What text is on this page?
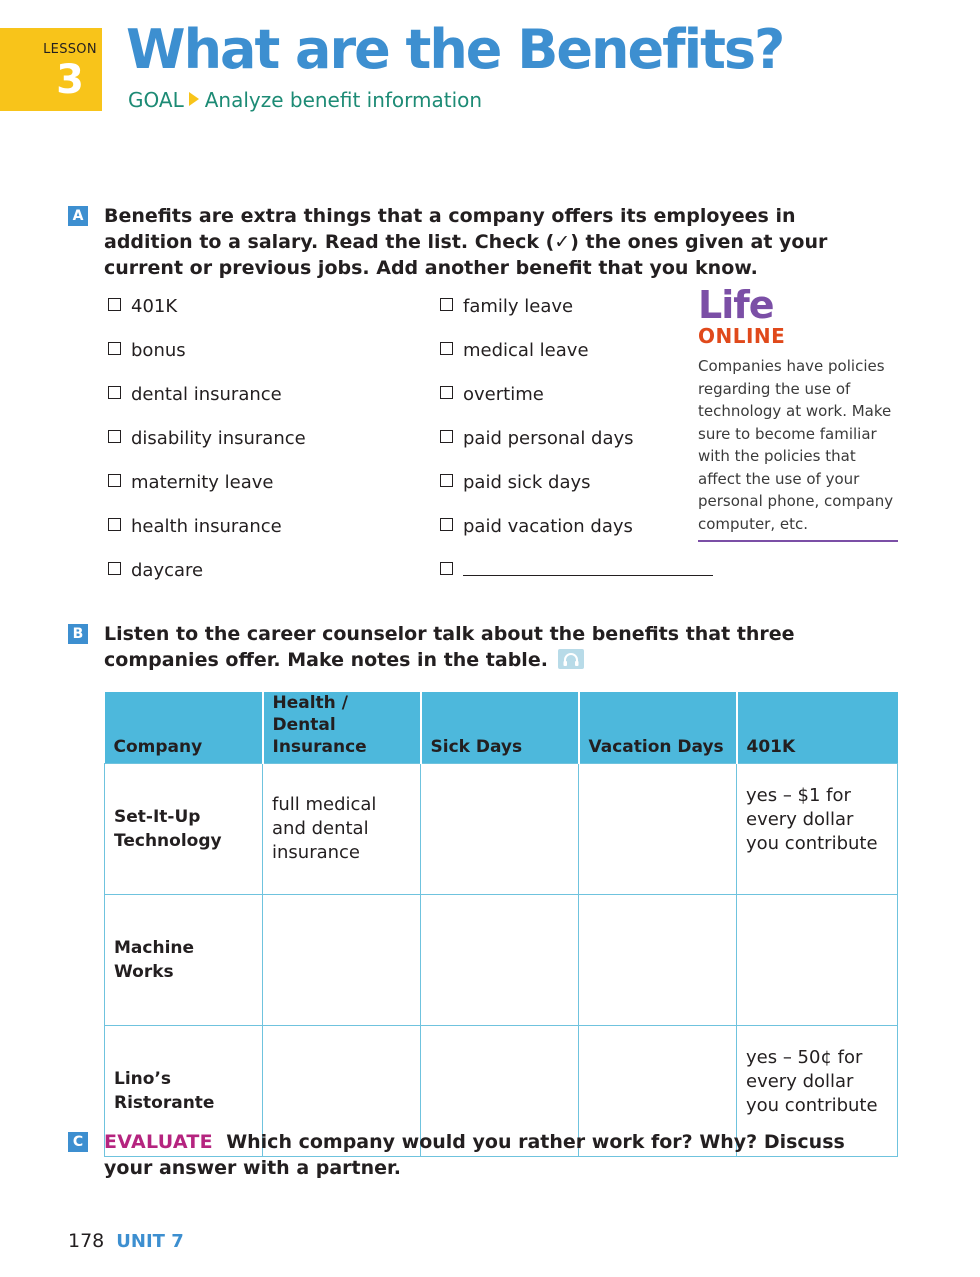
LESSON
3 What are the Benefits?
GOAL Analyze benefit information
A Benefits are extra things that a company offers its employees in addition to a salary. Read the list. Check (✓) the ones given at your current or previous jobs. Add another benefit that you know.
401K
bonus
dental insurance
disability insurance
maternity leave
health insurance
daycare
family leave
medical leave
overtime
paid personal days
paid sick days
paid vacation days
Life
ONLINE
Companies have policies regarding the use of technology at work. Make sure to become familiar with the policies that affect the use of your personal phone, company computer, etc.
B Listen to the career counselor talk about the benefits that three companies offer. Make notes in the table.
Company	Health / Dental Insurance	Sick Days	Vacation Days	401K
Set-It-Up Technology	full medical and dental insurance			yes – $1 for every dollar you contribute
Machine Works				
Lino’s Ristorante				yes – 50¢ for every dollar you contribute
C EVALUATE Which company would you rather work for? Why? Discuss your answer with a partner.
178 UNIT 7
